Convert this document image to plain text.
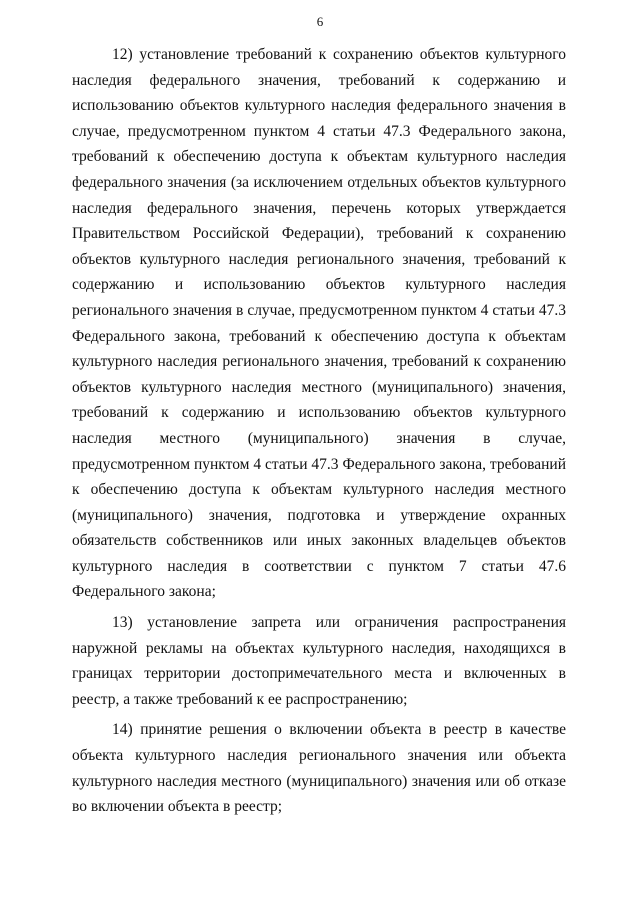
6

12) установление требований к сохранению объектов культурного наследия федерального значения, требований к содержанию и использованию объектов культурного наследия федерального значения в случае, предусмотренном пунктом 4 статьи 47.3 Федерального закона, требований к обеспечению доступа к объектам культурного наследия федерального значения (за исключением отдельных объектов культурного наследия федерального значения, перечень которых утверждается Правительством Российской Федерации), требований к сохранению объектов культурного наследия регионального значения, требований к содержанию и использованию объектов культурного наследия регионального значения в случае, предусмотренном пунктом 4 статьи 47.3 Федерального закона, требований к обеспечению доступа к объектам культурного наследия регионального значения, требований к сохранению объектов культурного наследия местного (муниципального) значения, требований к содержанию и использованию объектов культурного наследия местного (муниципального) значения в случае, предусмотренном пунктом 4 статьи 47.3 Федерального закона, требований к обеспечению доступа к объектам культурного наследия местного (муниципального) значения, подготовка и утверждение охранных обязательств собственников или иных законных владельцев объектов культурного наследия в соответствии с пунктом 7 статьи 47.6 Федерального закона;

13) установление запрета или ограничения распространения наружной рекламы на объектах культурного наследия, находящихся в границах территории достопримечательного места и включенных в реестр, а также требований к ее распространению;

14) принятие решения о включении объекта в реестр в качестве объекта культурного наследия регионального значения или объекта культурного наследия местного (муниципального) значения или об отказе во включении объекта в реестр;
